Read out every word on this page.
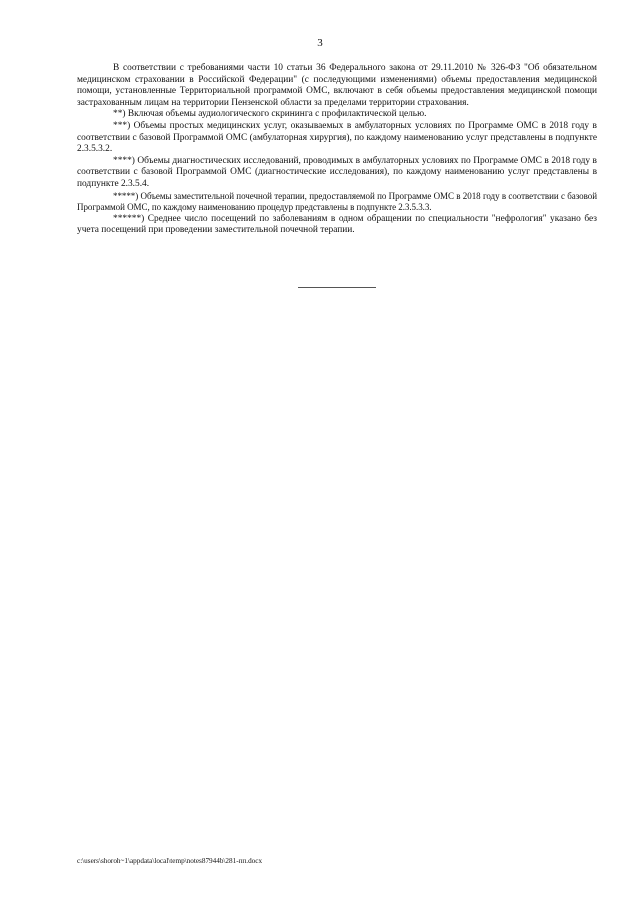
3

В соответствии с требованиями части 10 статьи 36 Федерального закона от 29.11.2010 № 326-ФЗ "Об обязательном медицинском страховании в Российской Федерации" (с последующими изменениями) объемы предоставления медицинской помощи, установленные Территориальной программой ОМС, включают в себя объемы предоставления медицинской помощи застрахованным лицам на территории Пензенской области за пределами территории страхования.

**) Включая объемы аудиологического скрининга с профилактической целью.

***) Объемы простых медицинских услуг, оказываемых в амбулаторных условиях по Программе ОМС в 2018 году в соответствии с базовой Программой ОМС (амбулаторная хирургия), по каждому наименованию услуг представлены в подпункте 2.3.5.3.2.

****) Объемы диагностических исследований, проводимых в амбулаторных условиях по Программе ОМС в 2018 году в соответствии с базовой Программой ОМС (диагностические исследования), по каждому наименованию услуг представлены в подпункте 2.3.5.4.

*****) Объемы заместительной почечной терапии, предоставляемой по Программе ОМС в 2018 году в соответствии с базовой Программой ОМС, по каждому наименованию процедур представлены в подпункте 2.3.5.3.3.

******) Среднее число посещений по заболеваниям в одном обращении по специальности "нефрология" указано без учета посещений при проведении заместительной почечной терапии.

c:\users\shoroh~1\appdata\local\temp\notes87944b\281-пп.docx
